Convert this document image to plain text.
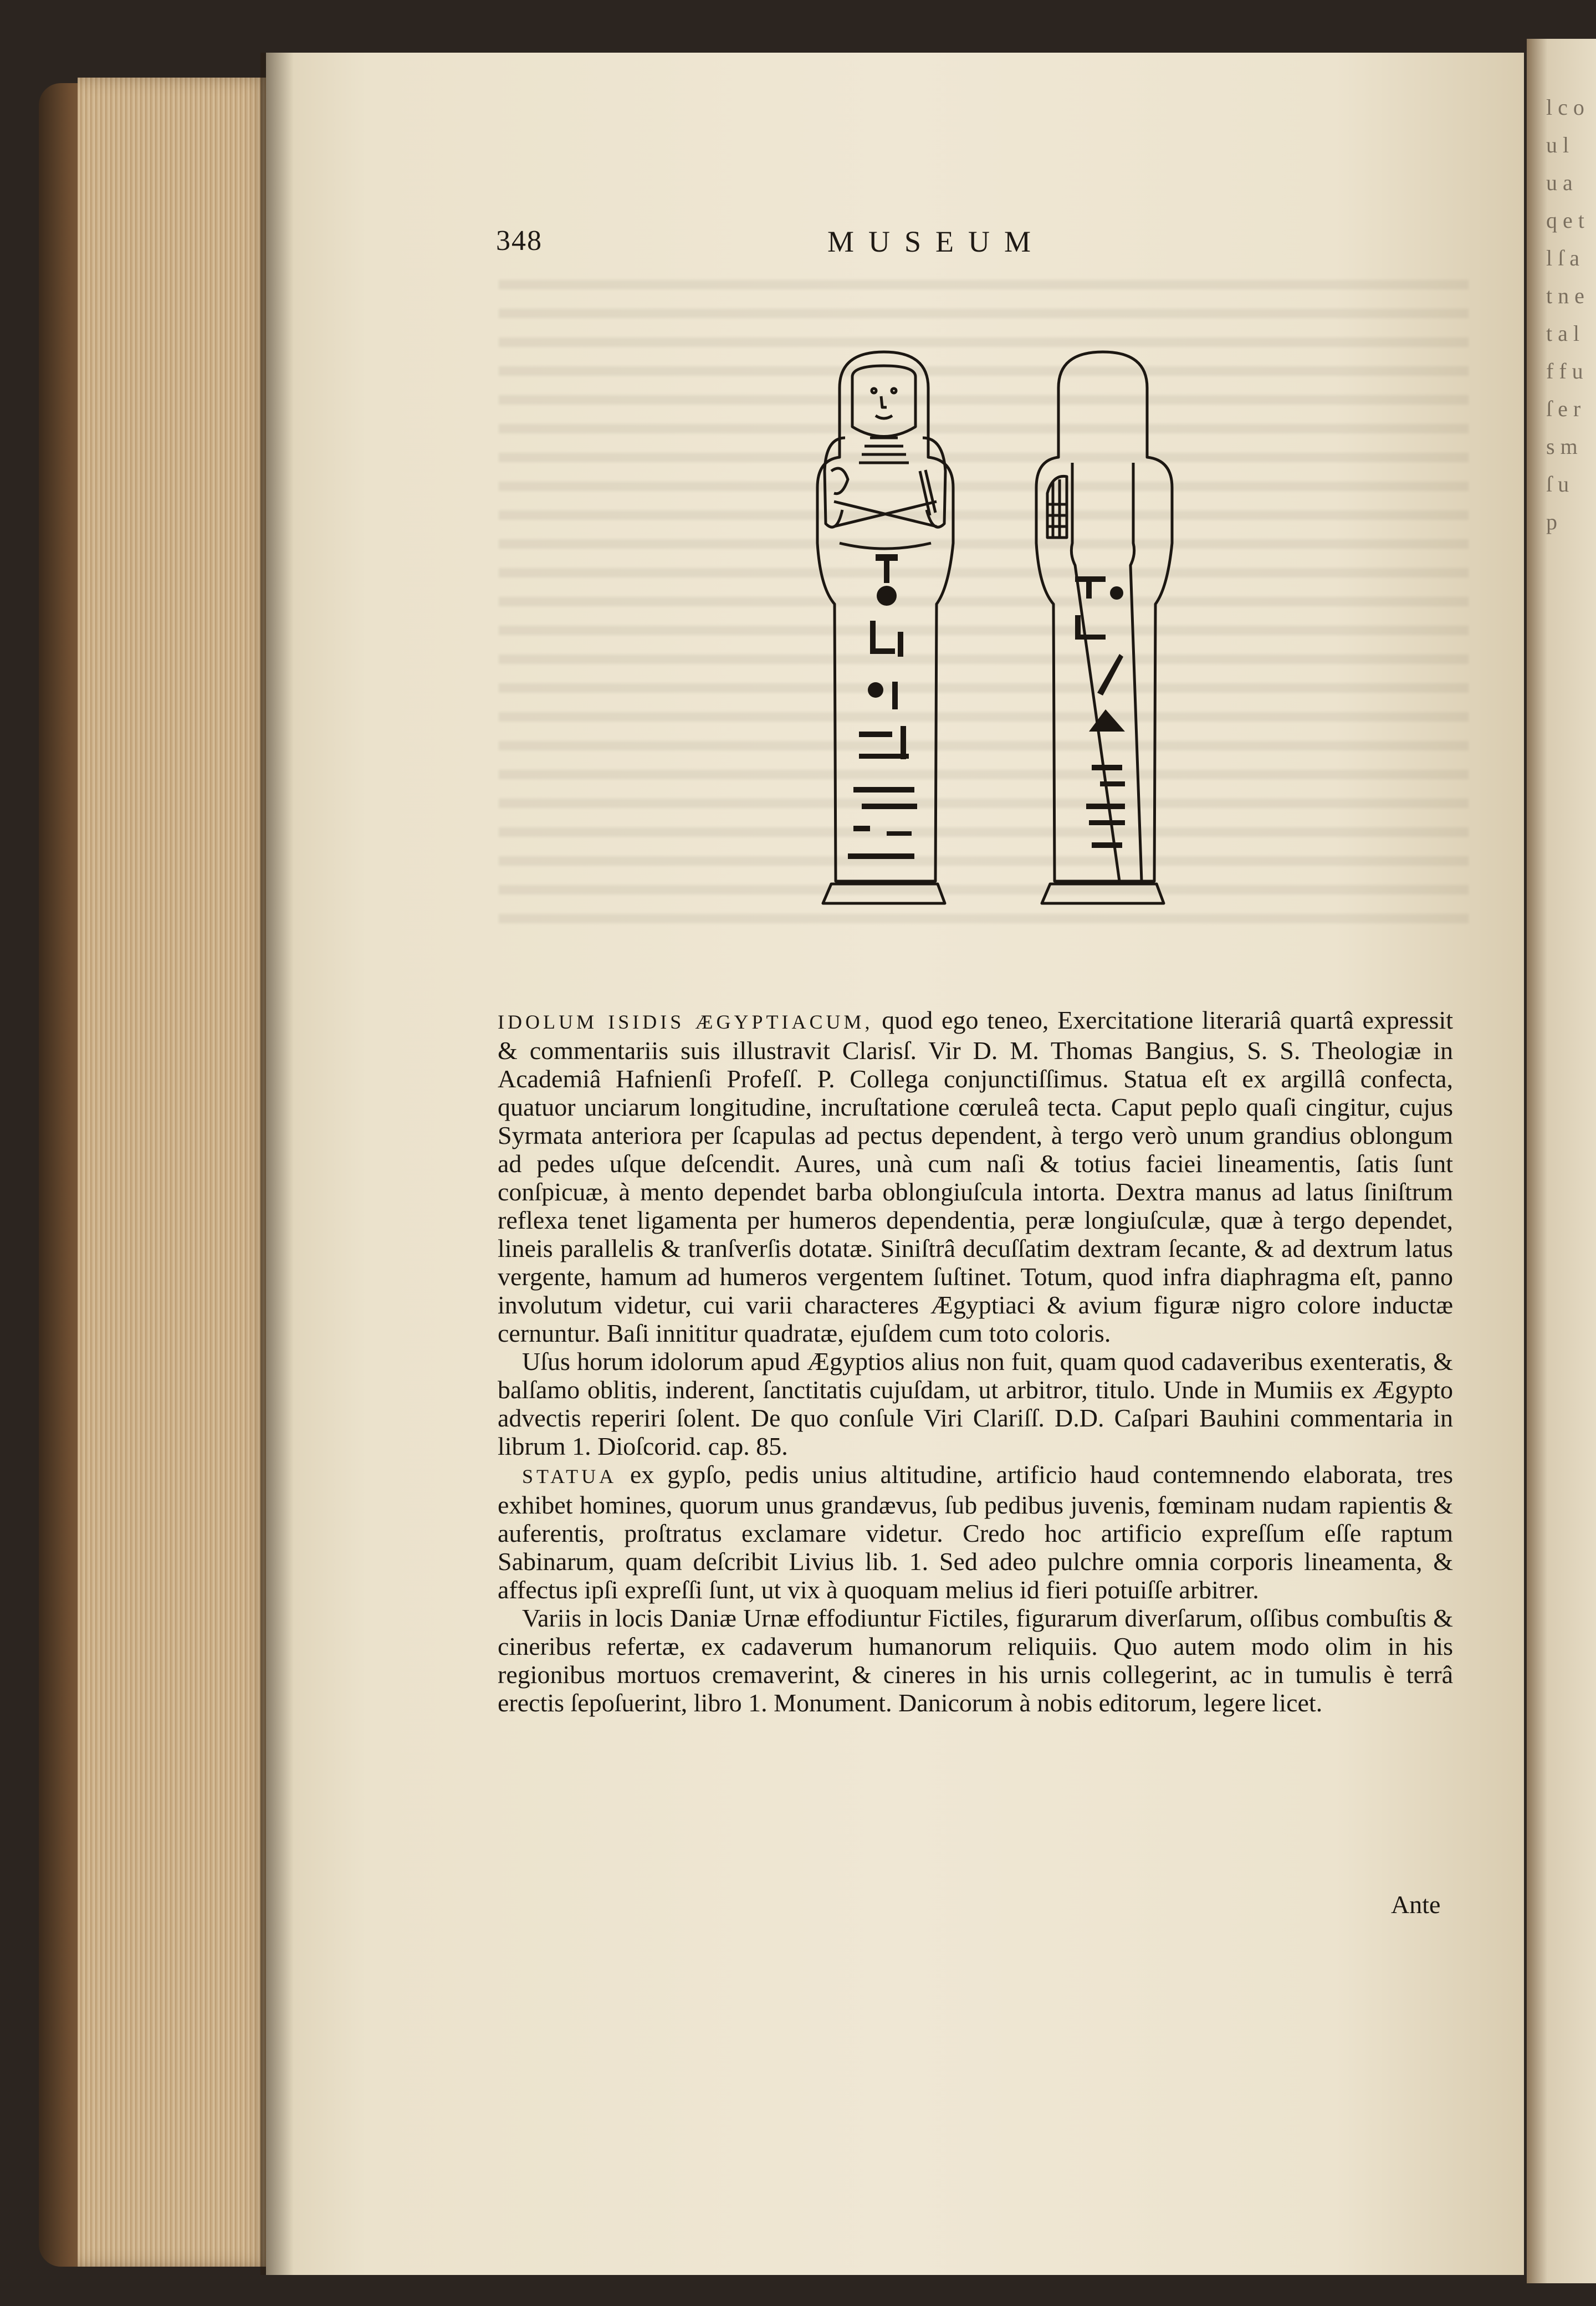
l c o u l u a q e t l ſ a t n e t a l f f u ſ e r s m ſ u p
348	MUSEUM

IDOLUM ISIDIS ÆGYPTIACUM, quod ego teneo, Exercitatione literariâ quartâ expressit & commentariis suis illustravit Clarisſ. Vir D. M. Thomas Bangius, S. S. Theologiæ in Academiâ Hafnienſi Profeſſ. P. Collega conjunctiſſimus. Statua eſt ex argillâ confecta, quatuor unciarum longitudine, incruſtatione cœruleâ tecta. Caput peplo quaſi cingitur, cujus Syrmata anteriora per ſcapulas ad pectus dependent, à tergo verò unum grandius oblongum ad pedes uſque deſcendit. Aures, unà cum naſi & totius faciei lineamentis, ſatis ſunt conſpicuæ, à mento dependet barba oblongiuſcula intorta. Dextra manus ad latus ſiniſtrum reflexa tenet ligamenta per humeros dependentia, peræ longiuſculæ, quæ à tergo dependet, lineis parallelis & tranſverſis dotatæ. Siniſtrâ decuſſatim dextram ſecante, & ad dextrum latus vergente, hamum ad humeros vergentem ſuſtinet. Totum, quod infra diaphragma eſt, panno involutum videtur, cui varii characteres Ægyptiaci & avium figuræ nigro colore inductæ cernuntur. Baſi innititur quadratæ, ejuſdem cum toto coloris.

Uſus horum idolorum apud Ægyptios alius non fuit, quam quod cadaveribus exenteratis, & balſamo oblitis, inderent, ſanctitatis cujuſdam, ut arbitror, titulo. Unde in Mumiis ex Ægypto advectis reperiri ſolent. De quo conſule Viri Clariſſ. D.D. Caſpari Bauhini commentaria in librum 1. Dioſcorid. cap. 85.

STATUA ex gypſo, pedis unius altitudine, artificio haud contemnendo elaborata, tres exhibet homines, quorum unus grandævus, ſub pedibus juvenis, fœminam nudam rapientis & auferentis, proſtratus exclamare videtur. Credo hoc artificio expreſſum eſſe raptum Sabinarum, quam deſcribit Livius lib. 1. Sed adeo pulchre omnia corporis lineamenta, & affectus ipſi expreſſi ſunt, ut vix à quoquam melius id fieri potuiſſe arbitrer.

Variis in locis Daniæ Urnæ effodiuntur Fictiles, figurarum diverſarum, oſſibus combuſtis & cineribus refertæ, ex cadaverum humanorum reliquiis. Quo autem modo olim in his regionibus mortuos cremaverint, & cineres in his urnis collegerint, ac in tumulis è terrâ erectis ſepoſuerint, libro 1. Monument. Danicorum à nobis editorum, legere licet.

Ante
